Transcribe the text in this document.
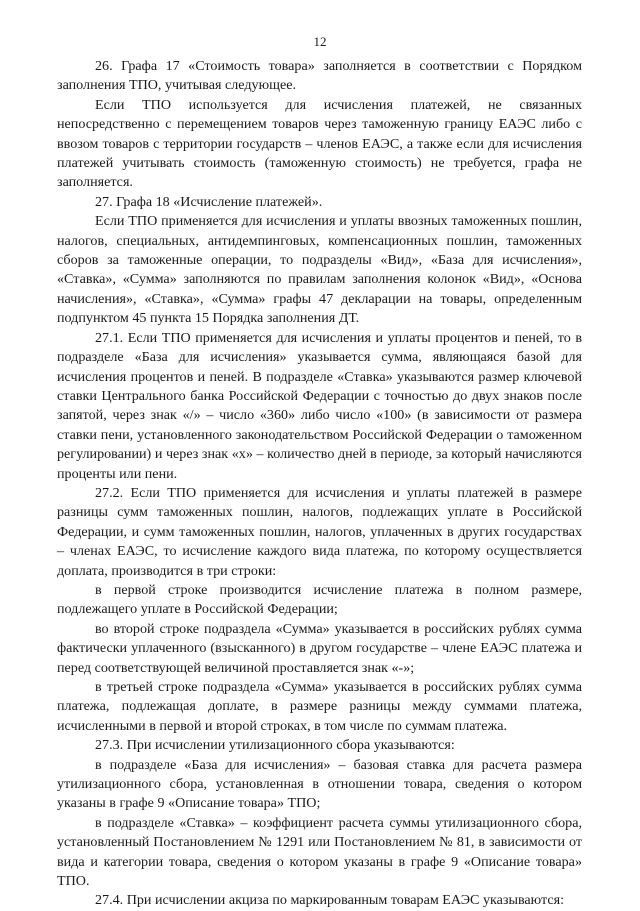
12

26. Графа 17 «Стоимость товара» заполняется в соответствии с Порядком заполнения ТПО, учитывая следующее.

Если ТПО используется для исчисления платежей, не связанных непосредственно с перемещением товаров через таможенную границу ЕАЭС либо с ввозом товаров с территории государств – членов ЕАЭС, а также если для исчисления платежей учитывать стоимость (таможенную стоимость) не требуется, графа не заполняется.

27. Графа 18 «Исчисление платежей».

Если ТПО применяется для исчисления и уплаты ввозных таможенных пошлин, налогов, специальных, антидемпинговых, компенсационных пошлин, таможенных сборов за таможенные операции, то подразделы «Вид», «База для исчисления», «Ставка», «Сумма» заполняются по правилам заполнения колонок «Вид», «Основа начисления», «Ставка», «Сумма» графы 47 декларации на товары, определенным подпунктом 45 пункта 15 Порядка заполнения ДТ.

27.1. Если ТПО применяется для исчисления и уплаты процентов и пеней, то в подразделе «База для исчисления» указывается сумма, являющаяся базой для исчисления процентов и пеней. В подразделе «Ставка» указываются размер ключевой ставки Центрального банка Российской Федерации с точностью до двух знаков после запятой, через знак «/» – число «360» либо число «100» (в зависимости от размера ставки пени, установленного законодательством Российской Федерации о таможенном регулировании) и через знак «х» – количество дней в периоде, за который начисляются проценты или пени.

27.2. Если ТПО применяется для исчисления и уплаты платежей в размере разницы сумм таможенных пошлин, налогов, подлежащих уплате в Российской Федерации, и сумм таможенных пошлин, налогов, уплаченных в других государствах – членах ЕАЭС, то исчисление каждого вида платежа, по которому осуществляется доплата, производится в три строки:

в первой строке производится исчисление платежа в полном размере, подлежащего уплате в Российской Федерации;

во второй строке подраздела «Сумма» указывается в российских рублях сумма фактически уплаченного (взысканного) в другом государстве – члене ЕАЭС платежа и перед соответствующей величиной проставляется знак «-»;

в третьей строке подраздела «Сумма» указывается в российских рублях сумма платежа, подлежащая доплате, в размере разницы между суммами платежа, исчисленными в первой и второй строках, в том числе по суммам платежа.

27.3. При исчислении утилизационного сбора указываются:

в подразделе «База для исчисления» – базовая ставка для расчета размера утилизационного сбора, установленная в отношении товара, сведения о котором указаны в графе 9 «Описание товара» ТПО;

в подразделе «Ставка» – коэффициент расчета суммы утилизационного сбора, установленный Постановлением № 1291 или Постановлением № 81, в зависимости от вида и категории товара, сведения о котором указаны в графе 9 «Описание товара» ТПО.

27.4. При исчислении акциза по маркированным товарам ЕАЭС указываются:
